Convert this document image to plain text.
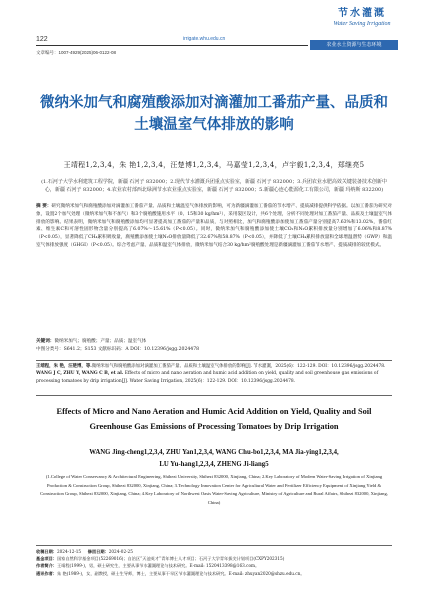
122	irrigate.whu.edu.cn
节水灌溉
Water Saving Irrigation
农业水土资源与生态环境
文章编号：1007-4929(2025)06-0122-08
微纳米加气和腐殖酸添加对滴灌加工番茄产量、品质和土壤温室气体排放的影响
王靖程1,2,3,4，朱 艳1,2,3,4，汪楚博1,2,3,4，马嘉莹1,2,3,4，卢宇毅1,2,3,4，郑继亮5
(1.石河子大学水利建筑工程学院，新疆 石河子 832000；2.现代节水灌溉兵团重点实验室，新疆 石河子 832000；3.兵团农业水肥高效关键装备技术创新中心，新疆 石河子 832000；4.农业农村部西北绿洲节水农业重点实验室，新疆 石河子 832000；5.新疆心连心能源化工有限公司，新疆 玛纳斯 832200)
摘 要：研究微纳米加气和腐殖酸添加对滴灌加工番茄产量、品质和土壤温室气体排放的影响，可为新疆滴灌加工番茄的节水增产、提质减排提供科学依据。以加工番茄为研究对象，设置2个加气处理（微纳米加气和不加气）和3个腐殖酸施用水平（0、15和30 kg/hm²），采用裂区设计，共6个处理，分析不同处理对加工番茄产量、品质及土壤温室气体排放的影响。结果表明，微纳米加气和腐殖酸添加均可显著提高加工番茄的产量和品质，与对照相比，加气和腐殖酸添加使加工番茄产量分别提高7.63%和13.02%，番茄红素、维生素C和可溶性固形物含量分别提高了6.07%～15.61%（P<0.05）。同时，微纳米加气和腐殖酸添加使土壤CO₂和N₂O累积排放量分别增加了6.06%和8.87%（P<0.05），显著降低了CH₄累积吸收量，腐殖酸添加使土壤N₂O排放量降低了32.67%和58.87%（P<0.05），并降低了土壤CH₄累积排放量和全球增温潜势（GWP）和温室气体排放强度（GHGI）（P<0.05）。综合考虑产量、品质和温室气体排放，微纳米加气结合30 kg/hm²腐殖酸处理是新疆滴灌加工番茄节水增产、提质减排的较优模式。
关键词：微纳米加气；腐殖酸；产量；品质；温室气体
中图分类号：S641.2；S153 文献标识码：A DOI：10.12396/jsgg.2024478
王靖程，朱 艳，汪楚博，等.微纳米加气和腐殖酸添加对滴灌加工番茄产量、品质和土壤温室气体排放的影响[J]. 节水灌溉，2025(6)：122-129. DOI：10.12396/jsgg.2024478.
WANG J C, ZHU Y, WANG C B, et al. Effects of micro and nano aeration and humic acid addition on yield, quality and soil greenhouse gas emissions of processing tomatoes by drip irrigation[J]. Water Saving Irrigation, 2025(6)：122-129. DOI：10.12396/jsgg.2024478.
Effects of Micro and Nano Aeration and Humic Acid Addition on Yield, Quality and Soil Greenhouse Gas Emissions of Processing Tomatoes by Drip Irrigation
WANG Jing-cheng1,2,3,4, ZHU Yan1,2,3,4, WANG Chu-bo1,2,3,4, MA Jia-ying1,2,3,4,
LU Yu-hang1,2,3,4, ZHENG Ji-liang5
(1.College of Water Conservancy & Architectural Engineering, Shihezi University, Shihezi 832000, Xinjiang, China; 2.Key Laboratory of Modern Water-Saving Irrigation of Xinjiang Production & Construction Group, Shihezi 832000, Xinjiang, China; 3.Technology Innovation Center for Agricultural Water and Fertilizer Efficiency Equipment of Xinjiang Yield & Construction Group, Shihezi 832000, Xinjiang, China; 4.Key Laboratory of Northwest Oasis Water-Saving Agriculture, Ministry of Agriculture and Rural Affairs, Shihezi 832000, Xinjiang, China)
收稿日期：2024-12-15 修回日期：2024-02-25
基金项目：国家自然科学基金项目(52269016)；自治区“天池英才”青年博士人才项目；石河子大学青年拔尖计划项目(CXPY202315)
作者简介：王靖程(1999-)，男，硕士研究生，主要从事节水灌溉理论与技术研究。E-mail: 1520413398@163.com。
通讯作者：朱 艳(1989-)，女，副教授，硕士生导师，博士，主要从事干旱区节水灌溉理论与技术研究。E-mail: zhuyan2020@shzu.edu.cn。
